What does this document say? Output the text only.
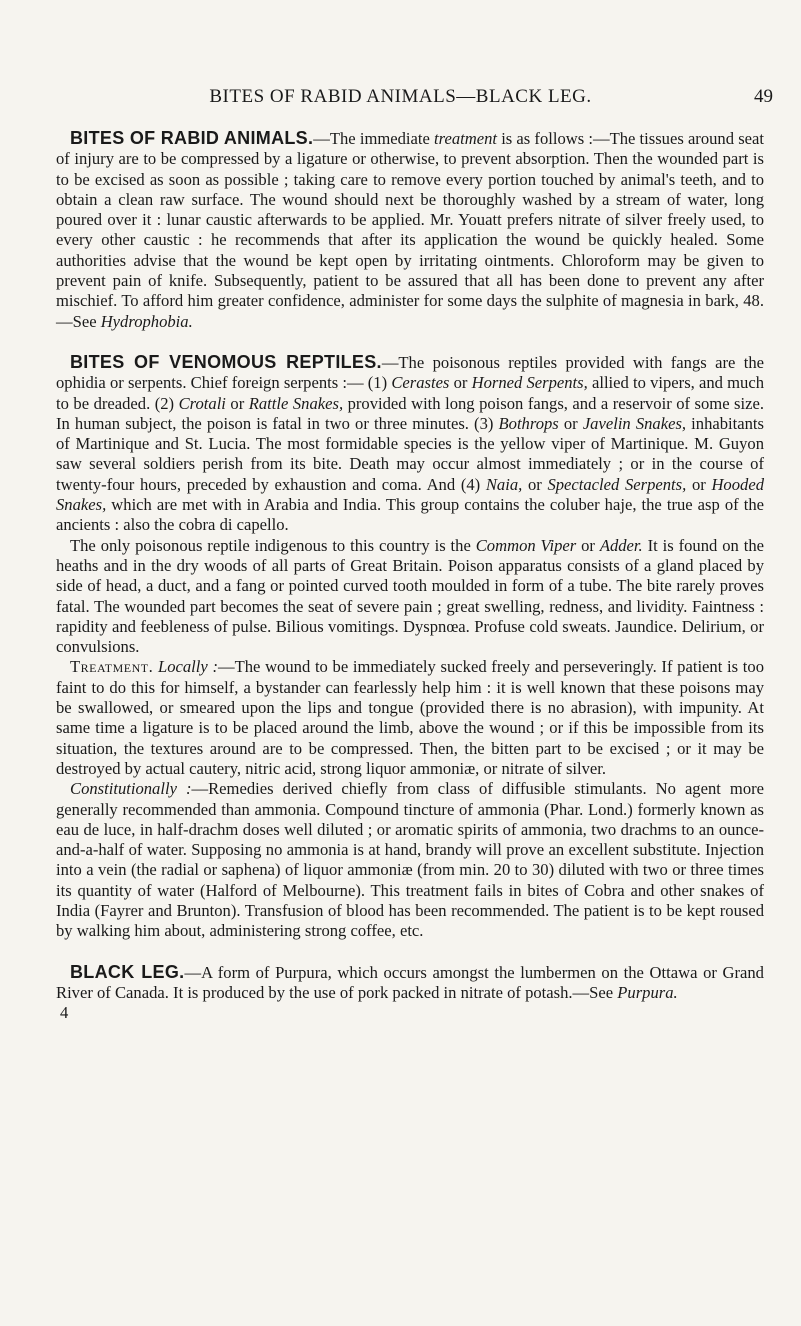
BITES OF RABID ANIMALS—BLACK LEG.	49

BITES OF RABID ANIMALS.—The immediate treatment is as follows :—The tissues around seat of injury are to be compressed by a ligature or otherwise, to prevent absorption. Then the wounded part is to be excised as soon as possible ; taking care to remove every portion touched by animal's teeth, and to obtain a clean raw surface. The wound should next be thoroughly washed by a stream of water, long poured over it : lunar caustic afterwards to be applied. Mr. Youatt prefers nitrate of silver freely used, to every other caustic : he recommends that after its application the wound be quickly healed. Some authorities advise that the wound be kept open by irritating ointments. Chloroform may be given to prevent pain of knife. Subsequently, patient to be assured that all has been done to prevent any after mischief. To afford him greater confidence, administer for some days the sulphite of magnesia in bark, 48.—See Hydrophobia.

BITES OF VENOMOUS REPTILES.—The poisonous reptiles provided with fangs are the ophidia or serpents. Chief foreign serpents :— (1) Cerastes or Horned Serpents, allied to vipers, and much to be dreaded. (2) Crotali or Rattle Snakes, provided with long poison fangs, and a reservoir of some size. In human subject, the poison is fatal in two or three minutes. (3) Bothrops or Javelin Snakes, inhabitants of Martinique and St. Lucia. The most formidable species is the yellow viper of Martinique. M. Guyon saw several soldiers perish from its bite. Death may occur almost immediately ; or in the course of twenty-four hours, preceded by exhaustion and coma. And (4) Naia, or Spectacled Serpents, or Hooded Snakes, which are met with in Arabia and India. This group contains the coluber haje, the true asp of the ancients : also the cobra di capello.

The only poisonous reptile indigenous to this country is the Common Viper or Adder. It is found on the heaths and in the dry woods of all parts of Great Britain. Poison apparatus consists of a gland placed by side of head, a duct, and a fang or pointed curved tooth moulded in form of a tube. The bite rarely proves fatal. The wounded part becomes the seat of severe pain ; great swelling, redness, and lividity. Faintness : rapidity and feebleness of pulse. Bilious vomitings. Dyspnœa. Profuse cold sweats. Jaundice. Delirium, or convulsions.

Treatment. Locally :—The wound to be immediately sucked freely and perseveringly. If patient is too faint to do this for himself, a bystander can fearlessly help him : it is well known that these poisons may be swallowed, or smeared upon the lips and tongue (provided there is no abrasion), with impunity. At same time a ligature is to be placed around the limb, above the wound ; or if this be impossible from its situation, the textures around are to be compressed. Then, the bitten part to be excised ; or it may be destroyed by actual cautery, nitric acid, strong liquor ammoniæ, or nitrate of silver.

Constitutionally :—Remedies derived chiefly from class of diffusible stimulants. No agent more generally recommended than ammonia. Compound tincture of ammonia (Phar. Lond.) formerly known as eau de luce, in half-drachm doses well diluted ; or aromatic spirits of ammonia, two drachms to an ounce-and-a-half of water. Supposing no ammonia is at hand, brandy will prove an excellent substitute. Injection into a vein (the radial or saphena) of liquor ammoniæ (from min. 20 to 30) diluted with two or three times its quantity of water (Halford of Melbourne). This treatment fails in bites of Cobra and other snakes of India (Fayrer and Brunton). Transfusion of blood has been recommended. The patient is to be kept roused by walking him about, administering strong coffee, etc.

BLACK LEG.—A form of Purpura, which occurs amongst the lumbermen on the Ottawa or Grand River of Canada. It is produced by the use of pork packed in nitrate of potash.—See Purpura.

4
